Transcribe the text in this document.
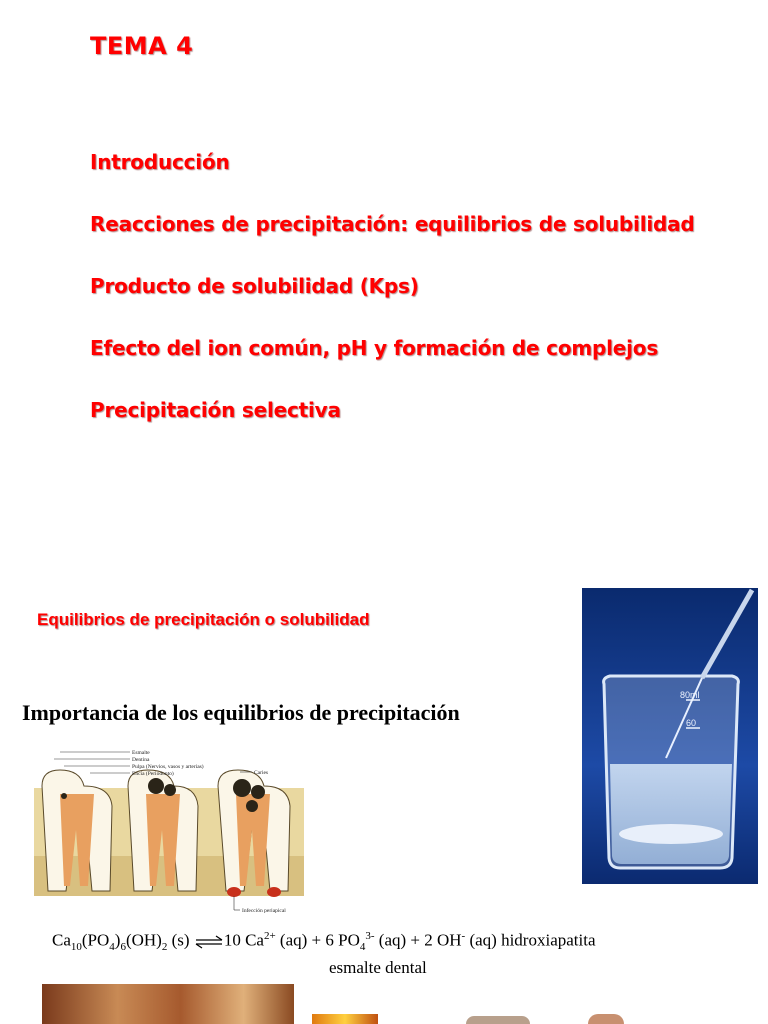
TEMA 4
Introducción
Reacciones de precipitación: equilibrios de solubilidad
Producto de solubilidad (Kps)
Efecto del ion común, pH y formación de complejos
Precipitación selectiva
Equilibrios de precipitación o solubilidad
Importancia de los equilibrios de precipitación
80ml
60
Esmalte
Dentina
Pulpa (Nervios, vasos y arterias)
Encía (Periodonto)	Caries
Infección periapical

$Ca_{10}(PO_4)_6(OH)_2$ (s) ⇌10 $Ca^{2+}$ (aq) + 6 $PO_4^{3-}$ (aq) + 2 OH- (aq) hidroxiapatita

esmalte dental
